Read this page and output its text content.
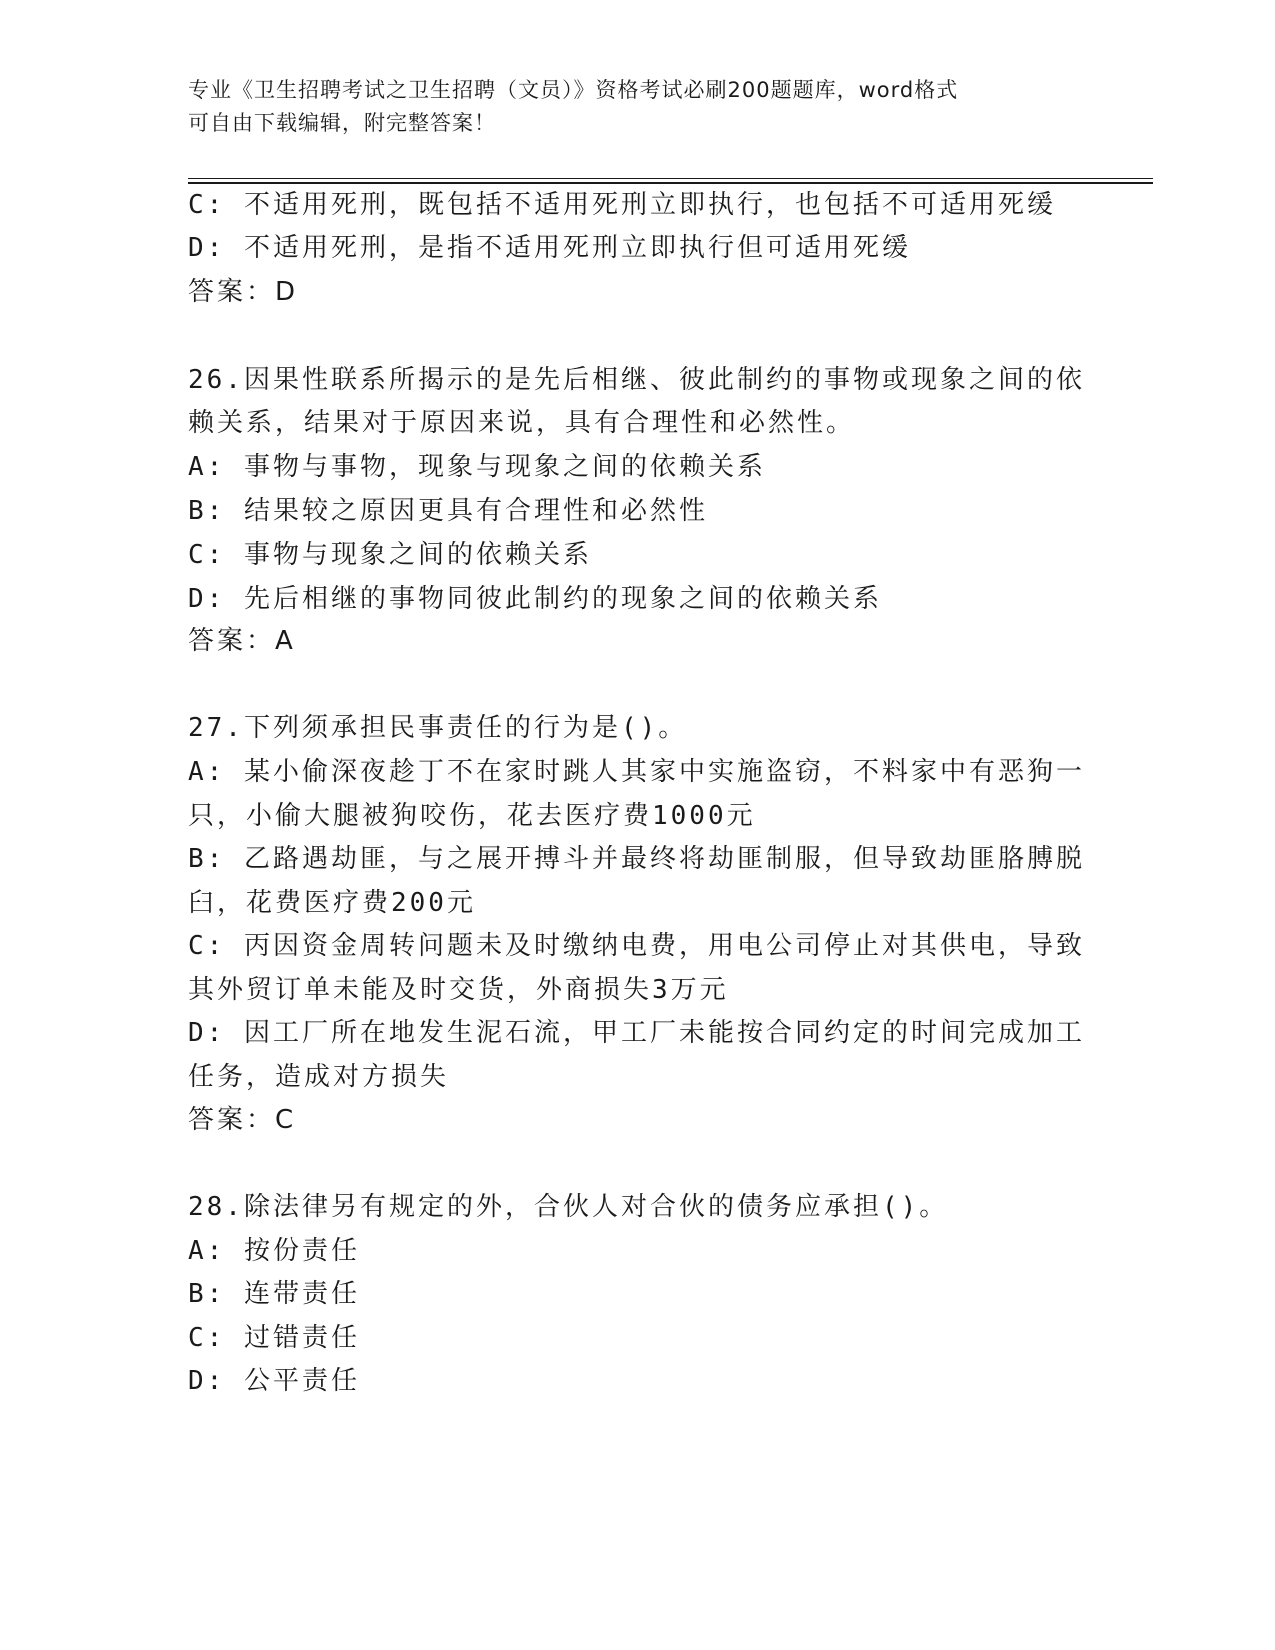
专业《卫生招聘考试之卫生招聘（文员）》资格考试必刷200题题库，word格式
可自由下载编辑，附完整答案！
C: 不适用死刑，既包括不适用死刑立即执行，也包括不可适用死缓
D: 不适用死刑，是指不适用死刑立即执行但可适用死缓
答案：D
26.因果性联系所揭示的是先后相继、彼此制约的事物或现象之间的依
赖关系，结果对于原因来说，具有合理性和必然性。
A: 事物与事物，现象与现象之间的依赖关系
B: 结果较之原因更具有合理性和必然性
C: 事物与现象之间的依赖关系
D: 先后相继的事物同彼此制约的现象之间的依赖关系
答案：A
27.下列须承担民事责任的行为是()。
A: 某小偷深夜趁丁不在家时跳人其家中实施盗窃，不料家中有恶狗一
只，小偷大腿被狗咬伤，花去医疗费1000元
B: 乙路遇劫匪，与之展开搏斗并最终将劫匪制服，但导致劫匪胳膊脱
臼，花费医疗费200元
C: 丙因资金周转问题未及时缴纳电费，用电公司停止对其供电，导致
其外贸订单未能及时交货，外商损失3万元
D: 因工厂所在地发生泥石流，甲工厂未能按合同约定的时间完成加工
任务，造成对方损失
答案：C
28.除法律另有规定的外，合伙人对合伙的债务应承担()。
A: 按份责任
B: 连带责任
C: 过错责任
D: 公平责任
